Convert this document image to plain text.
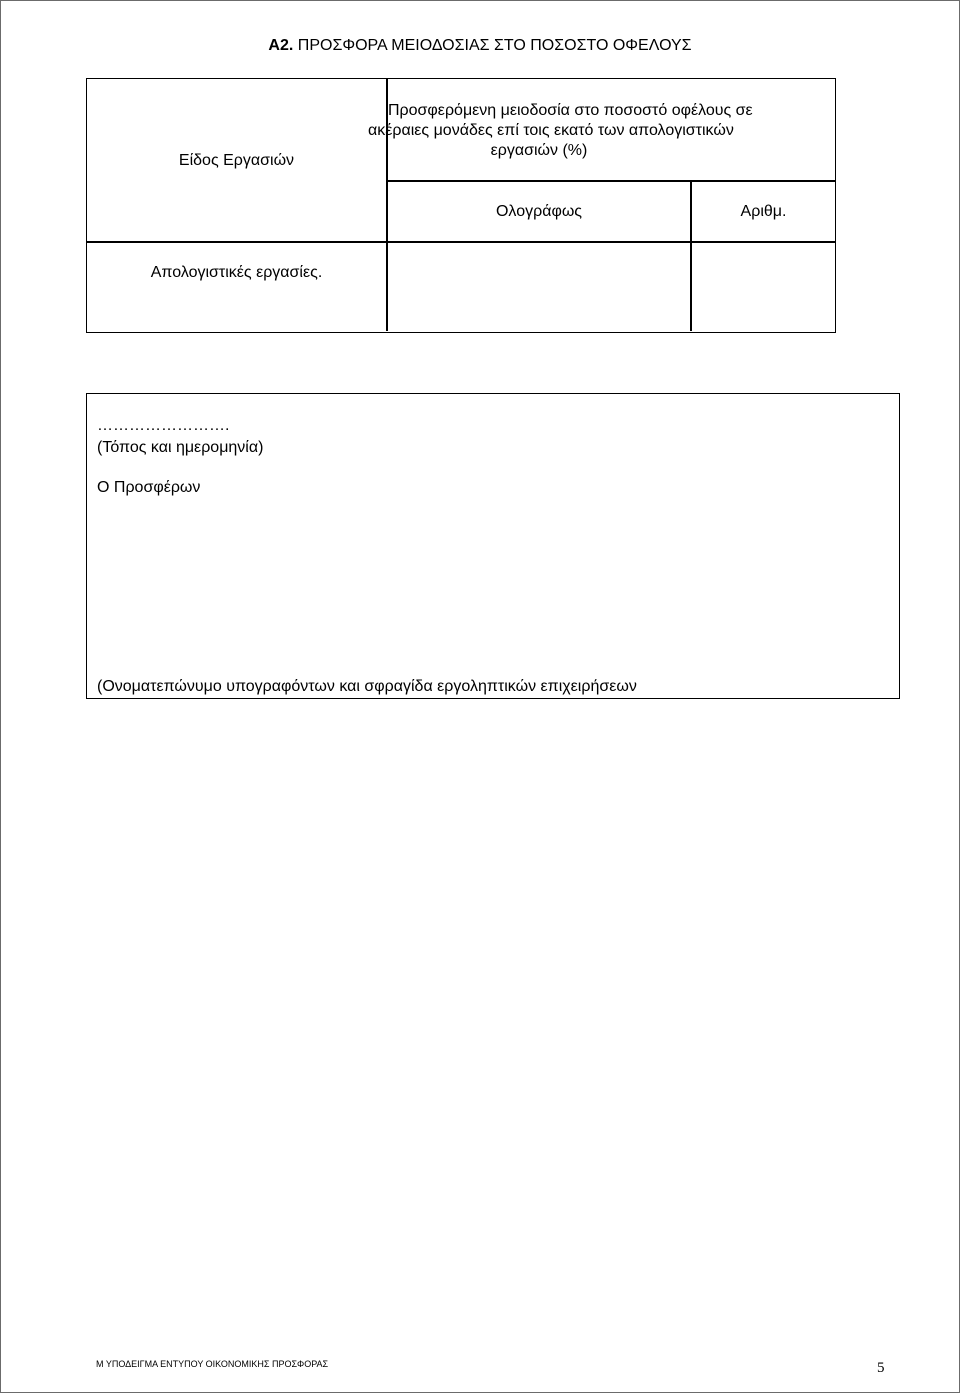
Α2. ΠΡΟΣΦΟΡΑ ΜΕΙΟΔΟΣΙΑΣ ΣΤΟ ΠΟΣΟΣΤΟ ΟΦΕΛΟΥΣ
Είδος Εργασιών
Προσφερόμενη μειοδοσία στο ποσοστό οφέλους σε
ακέραιες μονάδες επί τοις εκατό των απολογιστικών
εργασιών (%)
Ολογράφως	Αριθμ.
Απολογιστικές εργασίες.
…………………….
(Τόπος και ημερομηνία)
Ο Προσφέρων
(Ονοματεπώνυμο υπογραφόντων και σφραγίδα εργοληπτικών επιχειρήσεων
Μ ΥΠΟΔΕΙΓΜΑ ΕΝΤΥΠΟΥ ΟΙΚΟΝΟΜΙΚΗΣ ΠΡΟΣΦΟΡΑΣ	5
